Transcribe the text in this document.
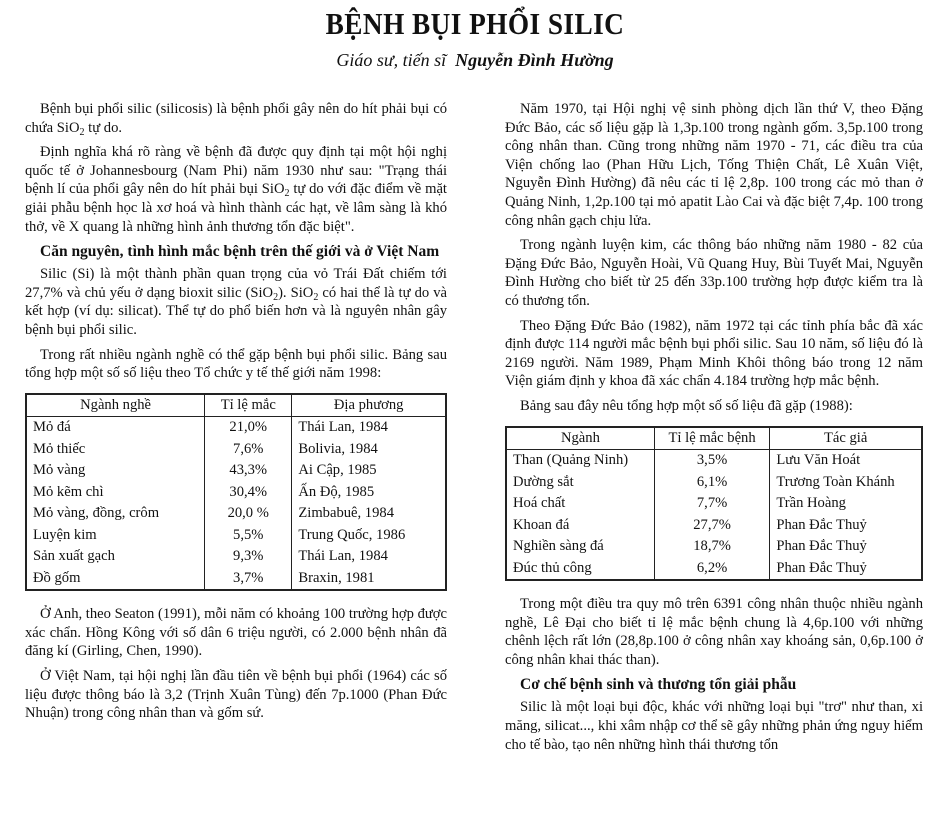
BỆNH BỤI PHỔI SILIC
Giáo sư, tiến sĩ Nguyễn Đình Hường

Bệnh bụi phổi silic (silicosis) là bệnh phổi gây nên do hít phải bụi có chứa SiO$_2$ tự do.

Định nghĩa khá rõ ràng về bệnh đã được quy định tại một hội nghị quốc tế ở Johannesbourg (Nam Phi) năm 1930 như sau: "Trạng thái bệnh lí của phổi gây nên do hít phải bụi SiO$_2$ tự do với đặc điểm về mặt giải phẫu bệnh học là xơ hoá và hình thành các hạt, về lâm sàng là khó thở, về X quang là những hình ảnh thương tổn đặc biệt".

Căn nguyên, tình hình mắc bệnh trên thế giới và ở Việt Nam

Silic (Si) là một thành phần quan trọng của vỏ Trái Đất chiếm tới 27,7% và chủ yếu ở dạng bioxit silic (SiO$_2$). SiO$_2$ có hai thể là tự do và kết hợp (ví dụ: silicat). Thể tự do phổ biến hơn và là nguyên nhân gây bệnh bụi phổi silic.

Trong rất nhiều ngành nghề có thể gặp bệnh bụi phổi silic. Bảng sau tổng hợp một số số liệu theo Tổ chức y tế thế giới năm 1998:

Ngành nghề	Tỉ lệ mắc	Địa phương
Mỏ đá	21,0%	Thái Lan, 1984
Mỏ thiếc	7,6%	Bolivia, 1984
Mỏ vàng	43,3%	Ai Cập, 1985
Mỏ kẽm chì	30,4%	Ấn Độ, 1985
Mỏ vàng, đồng, crôm	20,0 %	Zimbabuê, 1984
Luyện kim	5,5%	Trung Quốc, 1986
Sản xuất gạch	9,3%	Thái Lan, 1984
Đồ gốm	3,7%	Braxin, 1981

Ở Anh, theo Seaton (1991), mỗi năm có khoảng 100 trường hợp được xác chẩn. Hồng Kông với số dân 6 triệu người, có 2.000 bệnh nhân đã đăng kí (Girling, Chen, 1990).

Ở Việt Nam, tại hội nghị lần đầu tiên về bệnh bụi phổi (1964) các số liệu được thông báo là 3,2 (Trịnh Xuân Tùng) đến 7p.1000 (Phan Đức Nhuận) trong công nhân than và gốm sứ.

Năm 1970, tại Hội nghị vệ sinh phòng dịch lần thứ V, theo Đặng Đức Bảo, các số liệu gặp là 1,3p.100 trong ngành gốm. 3,5p.100 trong công nhân than. Cũng trong những năm 1970 - 71, các điều tra của Viện chống lao (Phan Hữu Lịch, Tống Thiện Chất, Lê Xuân Việt, Nguyễn Đình Hường) đã nêu các tỉ lệ 2,8p. 100 trong các mỏ than ở Quảng Ninh, 1,2p.100 tại mỏ apatit Lào Cai và đặc biệt 7,4p. 100 trong công nhân gạch chịu lửa.

Trong ngành luyện kim, các thông báo những năm 1980 - 82 của Đặng Đức Bảo, Nguyễn Hoài, Vũ Quang Huy, Bùi Tuyết Mai, Nguyễn Đình Hường cho biết từ 25 đến 33p.100 trường hợp được kiểm tra là có thương tổn.

Theo Đặng Đức Bảo (1982), năm 1972 tại các tỉnh phía bắc đã xác định được 114 người mắc bệnh bụi phổi silic. Sau 10 năm, số liệu đó là 2169 người. Năm 1989, Phạm Minh Khôi thông báo trong 12 năm Viện giám định y khoa đã xác chẩn 4.184 trường hợp mắc bệnh.

Bảng sau đây nêu tổng hợp một số số liệu đã gặp (1988):

Ngành	Tỉ lệ mắc bệnh	Tác giả
Than (Quảng Ninh)	3,5%	Lưu Văn Hoát
Dường sắt	6,1%	Trương Toàn Khánh
Hoá chất	7,7%	Trần Hoàng
Khoan đá	27,7%	Phan Đắc Thuỷ
Nghiền sàng đá	18,7%	Phan Đắc Thuỷ
Đúc thủ công	6,2%	Phan Đắc Thuỷ

Trong một điều tra quy mô trên 6391 công nhân thuộc nhiều ngành nghề, Lê Đại cho biết tỉ lệ mắc bệnh chung là 4,6p.100 với những chênh lệch rất lớn (28,8p.100 ở công nhân xay khoáng sản, 0,6p.100 ở công nhân khai thác than).

Cơ chế bệnh sinh và thương tổn giải phẫu

Silic là một loại bụi độc, khác với những loại bụi "trơ" như than, xi măng, silicat..., khi xâm nhập cơ thể sẽ gây những phản ứng nguy hiểm cho tế bào, tạo nên những hình thái thương tổn
